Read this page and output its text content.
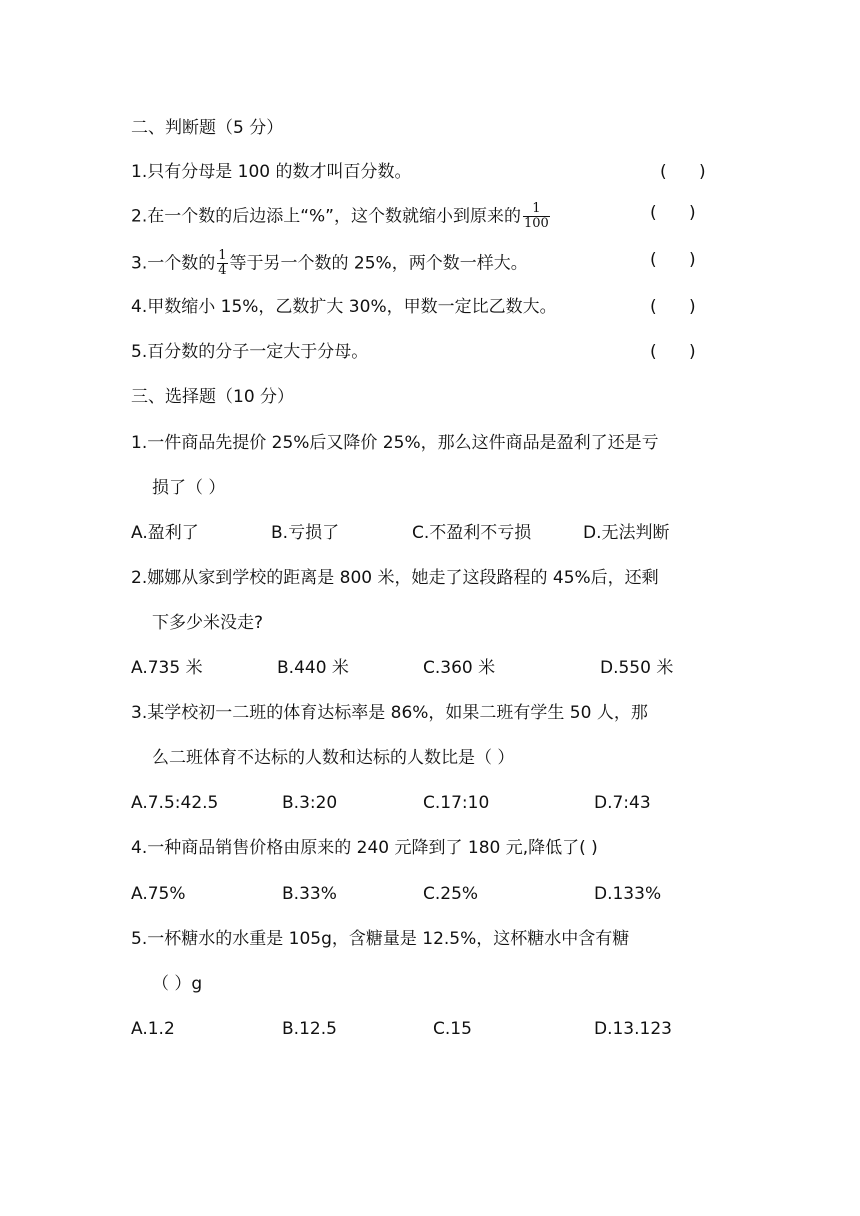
二、判断题（5 分）
1.只有分母是 100 的数才叫百分数。	(      )
2.在一个数的后边添上“%”，这个数就缩小到原来的 $\frac{1}{100}$	(      )
3.一个数的 $\frac{1}{4}$ 等于另一个数的 25%，两个数一样大。	(      )
4.甲数缩小 15%，乙数扩大 30%，甲数一定比乙数大。	(      )
5.百分数的分子一定大于分母。	(      )
三、选择题（10 分）
1.一件商品先提价 25%后又降价 25%，那么这件商品是盈利了还是亏
损了（ ）
A.盈利了	B.亏损了	C.不盈利不亏损	D.无法判断
2.娜娜从家到学校的距离是 800 米，她走了这段路程的 45%后，还剩
下多少米没走?
A.735 米	B.440 米	C.360 米	D.550 米
3.某学校初一二班的体育达标率是 86%，如果二班有学生 50 人，那
么二班体育不达标的人数和达标的人数比是（ ）
A.7.5:42.5	B.3:20	C.17:10	D.7:43
4.一种商品销售价格由原来的 240 元降到了 180 元,降低了( )
A.75%	B.33%	C.25%	D.133%
5.一杯糖水的水重是 105g，含糖量是 12.5%，这杯糖水中含有糖
（ ）g
A.1.2	B.12.5	C.15	D.13.123
